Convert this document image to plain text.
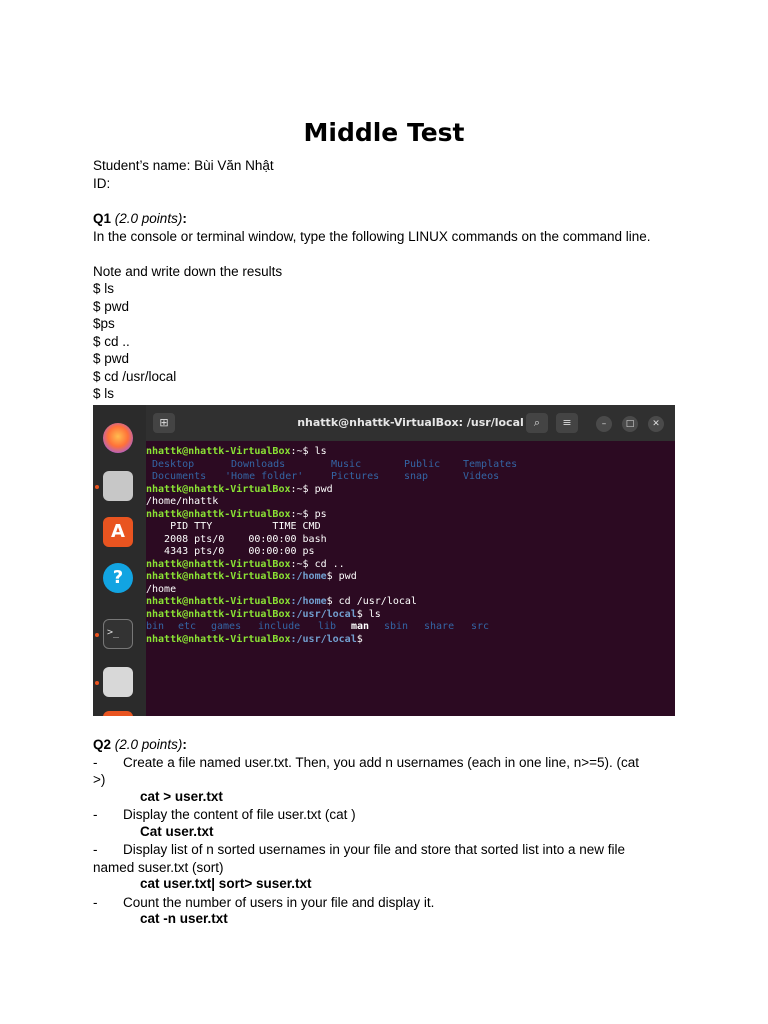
Middle Test
Student’s name: Bùi Văn Nhật
ID:
Q1 (2.0 points):
In the console or terminal window, type the following LINUX commands on the command line.
Note and write down the results
$ ls
$ pwd
$ps
$ cd ..
$ pwd
$ cd /usr/local
$ ls
A
?
>_
⊞	nhattk@nhattk-VirtualBox: /usr/local ⌕	≡	–	□	✕
nhattk@nhattk-VirtualBox:~$ ls
Desktop	Downloads	Music	Public Templates
Documents 'Home folder'	Pictures snap	Videos
nhattk@nhattk-VirtualBox:~$ pwd
/home/nhattk
nhattk@nhattk-VirtualBox:~$ ps
PID TTY          TIME CMD
2008 pts/0    00:00:00 bash
4343 pts/0    00:00:00 ps
nhattk@nhattk-VirtualBox:~$ cd ..
nhattk@nhattk-VirtualBox:/home$ pwd
/home
nhattk@nhattk-VirtualBox:/home$ cd /usr/local
nhattk@nhattk-VirtualBox:/usr/local$ ls
bin etc games include lib man sbin share src
nhattk@nhattk-VirtualBox:/usr/local$
Q2 (2.0 points):
- Create a file named user.txt. Then, you add n usernames (each in one line, n>=5). (cat
>)
cat > user.txt
- Display the content of file user.txt (cat )
Cat user.txt
- Display list of n sorted usernames in your file and store that sorted list into a new file
named suser.txt (sort)
cat user.txt| sort> suser.txt
- Count the number of users in your file and display it.
cat -n user.txt
